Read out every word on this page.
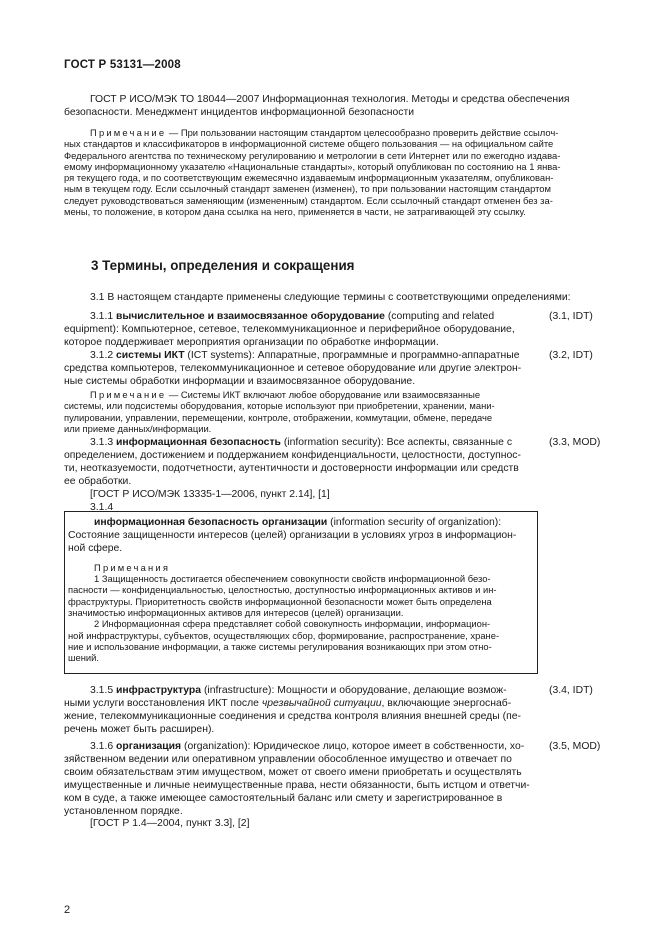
ГОСТ Р 53131—2008
ГОСТ Р ИСО/МЭК ТО 18044—2007 Информационная технология. Методы и средства обеспечения
безопасности. Менеджмент инцидентов информационной безопасности
Примечание — При пользовании настоящим стандартом целесообразно проверить действие ссылоч-
ных стандартов и классификаторов в информационной системе общего пользования — на официальном сайте
Федерального агентства по техническому регулированию и метрологии в сети Интернет или по ежегодно издава-
емому информационному указателю «Национальные стандарты», который опубликован по состоянию на 1 янва-
ря текущего года, и по соответствующим ежемесячно издаваемым информационным указателям, опубликован-
ным в текущем году. Если ссылочный стандарт заменен (изменен), то при пользовании настоящим стандартом
следует руководствоваться заменяющим (измененным) стандартом. Если ссылочный стандарт отменен без за-
мены, то положение, в котором дана ссылка на него, применяется в части, не затрагивающей эту ссылку.
3 Термины, определения и сокращения
3.1 В настоящем стандарте применены следующие термины с соответствующими определениями:
3.1.1 вычислительное и взаимосвязанное оборудование (computing and related
equipment): Компьютерное, сетевое, телекоммуникационное и периферийное оборудование,
которое поддерживает мероприятия организации по обработке информации.
(3.1, IDT)
3.1.2 системы ИКТ (ICT systems): Аппаратные, программные и программно-аппаратные
средства компьютеров, телекоммуникационное и сетевое оборудование или другие электрон-
ные системы обработки информации и взаимосвязанное оборудование.
(3.2, IDT)
Примечание — Системы ИКТ включают любое оборудование или взаимосвязанные
системы, или подсистемы оборудования, которые используют при приобретении, хранении, мани-
пулировании, управлении, перемещении, контроле, отображении, коммутации, обмене, передаче
или приеме данных/информации.
3.1.3 информационная безопасность (information security): Все аспекты, связанные с
определением, достижением и поддержанием конфиденциальности, целостности, доступнос-
ти, неотказуемости, подотчетности, аутентичности и достоверности информации или средств
ее обработки.
[ГОСТ Р ИСО/МЭК 13335-1—2006, пункт 2.14], [1]
3.1.4
(3.3, MOD)
информационная безопасность организации (information security of organization):
Состояние защищенности интересов (целей) организации в условиях угроз в информацион-
ной сфере.
Примечания
1 Защищенность достигается обеспечением совокупности свойств информационной безо-
пасности — конфиденциальностью, целостностью, доступностью информационных активов и ин-
фраструктуры. Приоритетность свойств информационной безопасности может быть определена
значимостью информационных активов для интересов (целей) организации.
2 Информационная сфера представляет собой совокупность информации, информацион-
ной инфраструктуры, субъектов, осуществляющих сбор, формирование, распространение, хране-
ние и использование информации, а также системы регулирования возникающих при этом отно-
шений.
3.1.5 инфраструктура (infrastructure): Мощности и оборудование, делающие возмож-
ными услуги восстановления ИКТ после чрезвычайной ситуации, включающие энергоснаб-
жение, телекоммуникационные соединения и средства контроля влияния внешней среды (пе-
речень может быть расширен).
(3.4, IDT)
3.1.6 организация (organization): Юридическое лицо, которое имеет в собственности, хо-
зяйственном ведении или оперативном управлении обособленное имущество и отвечает по
своим обязательствам этим имуществом, может от своего имени приобретать и осуществлять
имущественные и личные неимущественные права, нести обязанности, быть истцом и ответчи-
ком в суде, а также имеющее самостоятельный баланс или смету и зарегистрированное в
установленном порядке.
[ГОСТ Р 1.4—2004, пункт 3.3], [2]
(3.5, MOD)
2
